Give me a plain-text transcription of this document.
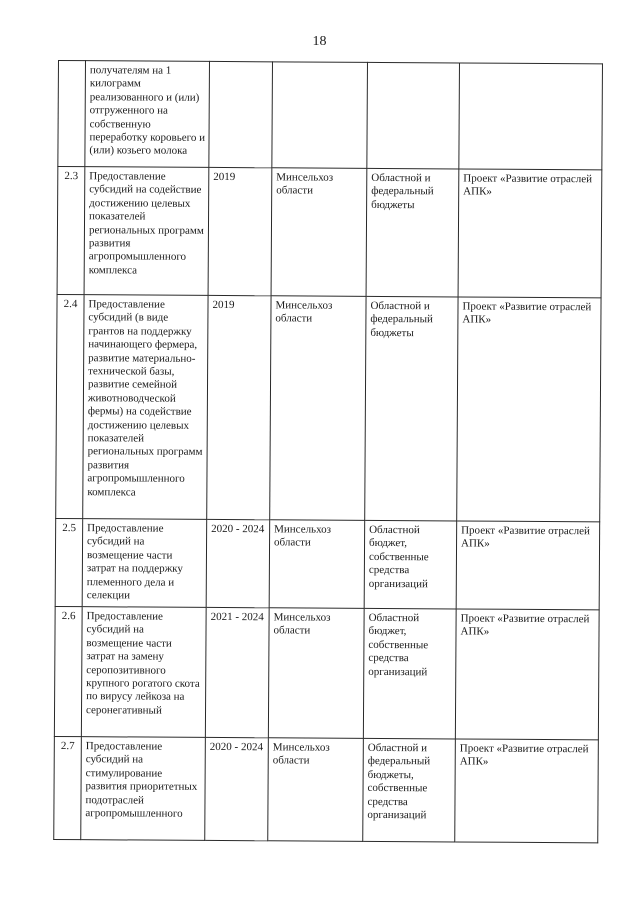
18

	получателям на 1 килограмм реализованного и (или) отгруженного на собственную переработку коровьего и (или) козьего молока				

2.3	Предоставление субсидий на содействие достижению целевых показателей региональных программ развития агропромышленного комплекса	2019	Минсельхоз области	Областной и федеральный бюджеты	Проект «Развитие отраслей АПК»

2.4	Предоставление субсидий (в виде грантов на поддержку начинающего фермера, развитие материально-технической базы, развитие семейной животноводческой фермы) на содействие достижению целевых показателей региональных программ развития агропромышленного комплекса	2019	Минсельхоз области	Областной и федеральный бюджеты	Проект «Развитие отраслей АПК»

2.5	Предоставление субсидий на возмещение части затрат на поддержку племенного дела и селекции	2020 - 2024	Минсельхоз области	Областной бюджет, собственные средства организаций	Проект «Развитие отраслей АПК»

2.6	Предоставление субсидий на возмещение части затрат на замену серопозитивного крупного рогатого скота по вирусу лейкоза на серонегативный	2021 - 2024	Минсельхоз области	Областной бюджет, собственные средства организаций	Проект «Развитие отраслей АПК»

2.7	Предоставление субсидий на стимулирование развития приоритетных подотраслей агропромышленного	2020 - 2024	Минсельхоз области	Областной и федеральный бюджеты, собственные средства организаций	Проект «Развитие отраслей АПК»
